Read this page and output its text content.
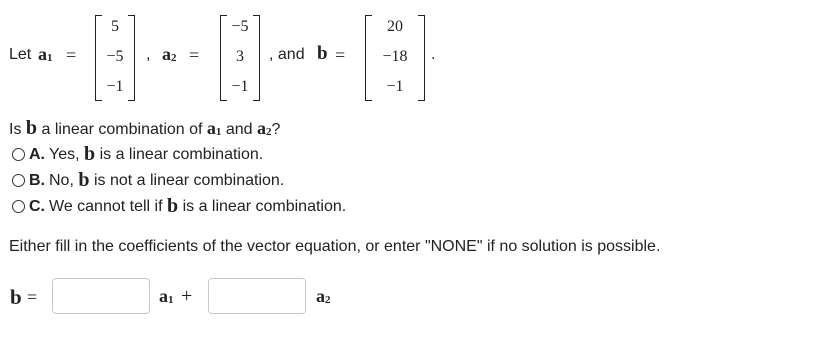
Let $a_1$ =
5
−5
−1
, $a_2$ =
−5
3
−1
, and b =
20
−18
−1
.
Is b a linear combination of $a_1$ and $a_2$?
A. Yes,
b
is a linear combination.
B. No,
b
is not a linear combination.
C. We cannot tell if
b
is a linear combination.
Either fill in the coefficients of the vector equation, or enter "NONE" if no solution is possible.
b =	$a_1$ +	$a_2$
